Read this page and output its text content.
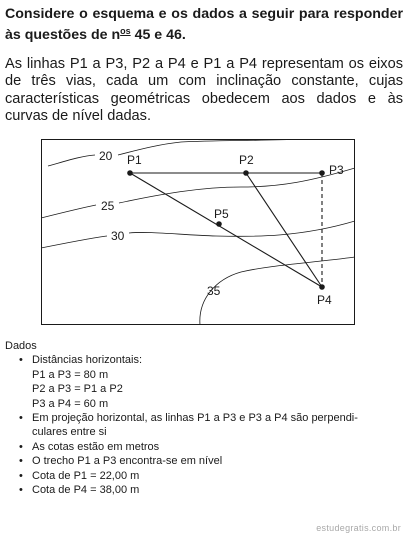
Considere o esquema e os dados a seguir para responder às questões de $n^{os}$ 45 e 46.
As linhas P1 a P3, P2 a P4 e P1 a P4 representam os eixos de três vias, cada um com inclinação constante, cujas características geométricas obedecem aos dados e às curvas de nível dadas.
P1	P2
P3
P4
P5
20
25
30
35
Dados
• Distâncias horizontais:
P1 a P3 = 80 m
P2 a P3 = P1 a P2
P3 a P4 = 60 m
• Em projeção horizontal, as linhas P1 a P3 e P3 a P4 são perpendi-
culares entre si
• As cotas estão em metros
• O trecho P1 a P3 encontra-se em nível
• Cota de P1 = 22,00 m
• Cota de P4 = 38,00 m
estudegratis.com.br
